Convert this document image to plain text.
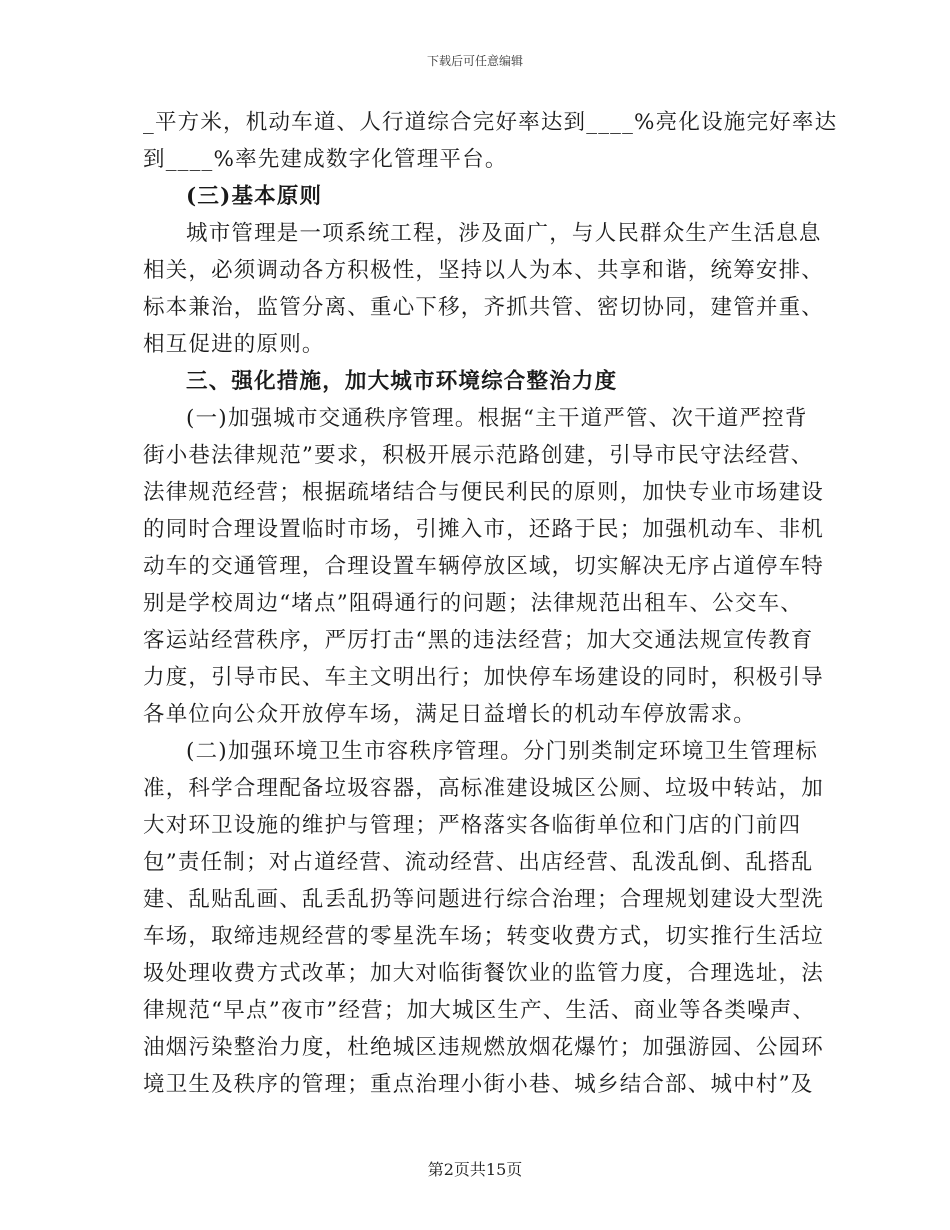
下载后可任意编辑
_平方米，机动车道、人行道综合完好率达到____%亮化设施完好率达
到____%率先建成数字化管理平台。
(三)基本原则
城市管理是一项系统工程，涉及面广，与人民群众生产生活息息
相关，必须调动各方积极性，坚持以人为本、共享和谐，统筹安排、
标本兼治，监管分离、重心下移，齐抓共管、密切协同，建管并重、
相互促进的原则。
三、强化措施，加大城市环境综合整治力度
(一)加强城市交通秩序管理。根据“主干道严管、次干道严控背
街小巷法律规范”要求，积极开展示范路创建，引导市民守法经营、
法律规范经营；根据疏堵结合与便民利民的原则，加快专业市场建设
的同时合理设置临时市场，引摊入市，还路于民；加强机动车、非机
动车的交通管理，合理设置车辆停放区域，切实解决无序占道停车特
别是学校周边“堵点”阻碍通行的问题；法律规范出租车、公交车、
客运站经营秩序，严厉打击“黑的违法经营；加大交通法规宣传教育
力度，引导市民、车主文明出行；加快停车场建设的同时，积极引导
各单位向公众开放停车场，满足日益增长的机动车停放需求。
(二)加强环境卫生市容秩序管理。分门别类制定环境卫生管理标
准，科学合理配备垃圾容器，高标准建设城区公厕、垃圾中转站，加
大对环卫设施的维护与管理；严格落实各临街单位和门店的门前四
包”责任制；对占道经营、流动经营、出店经营、乱泼乱倒、乱搭乱
建、乱贴乱画、乱丢乱扔等问题进行综合治理；合理规划建设大型洗
车场，取缔违规经营的零星洗车场；转变收费方式，切实推行生活垃
圾处理收费方式改革；加大对临街餐饮业的监管力度，合理选址，法
律规范“早点”夜市”经营；加大城区生产、生活、商业等各类噪声、
油烟污染整治力度，杜绝城区违规燃放烟花爆竹；加强游园、公园环
境卫生及秩序的管理；重点治理小街小巷、城乡结合部、城中村”及
第2页共15页
